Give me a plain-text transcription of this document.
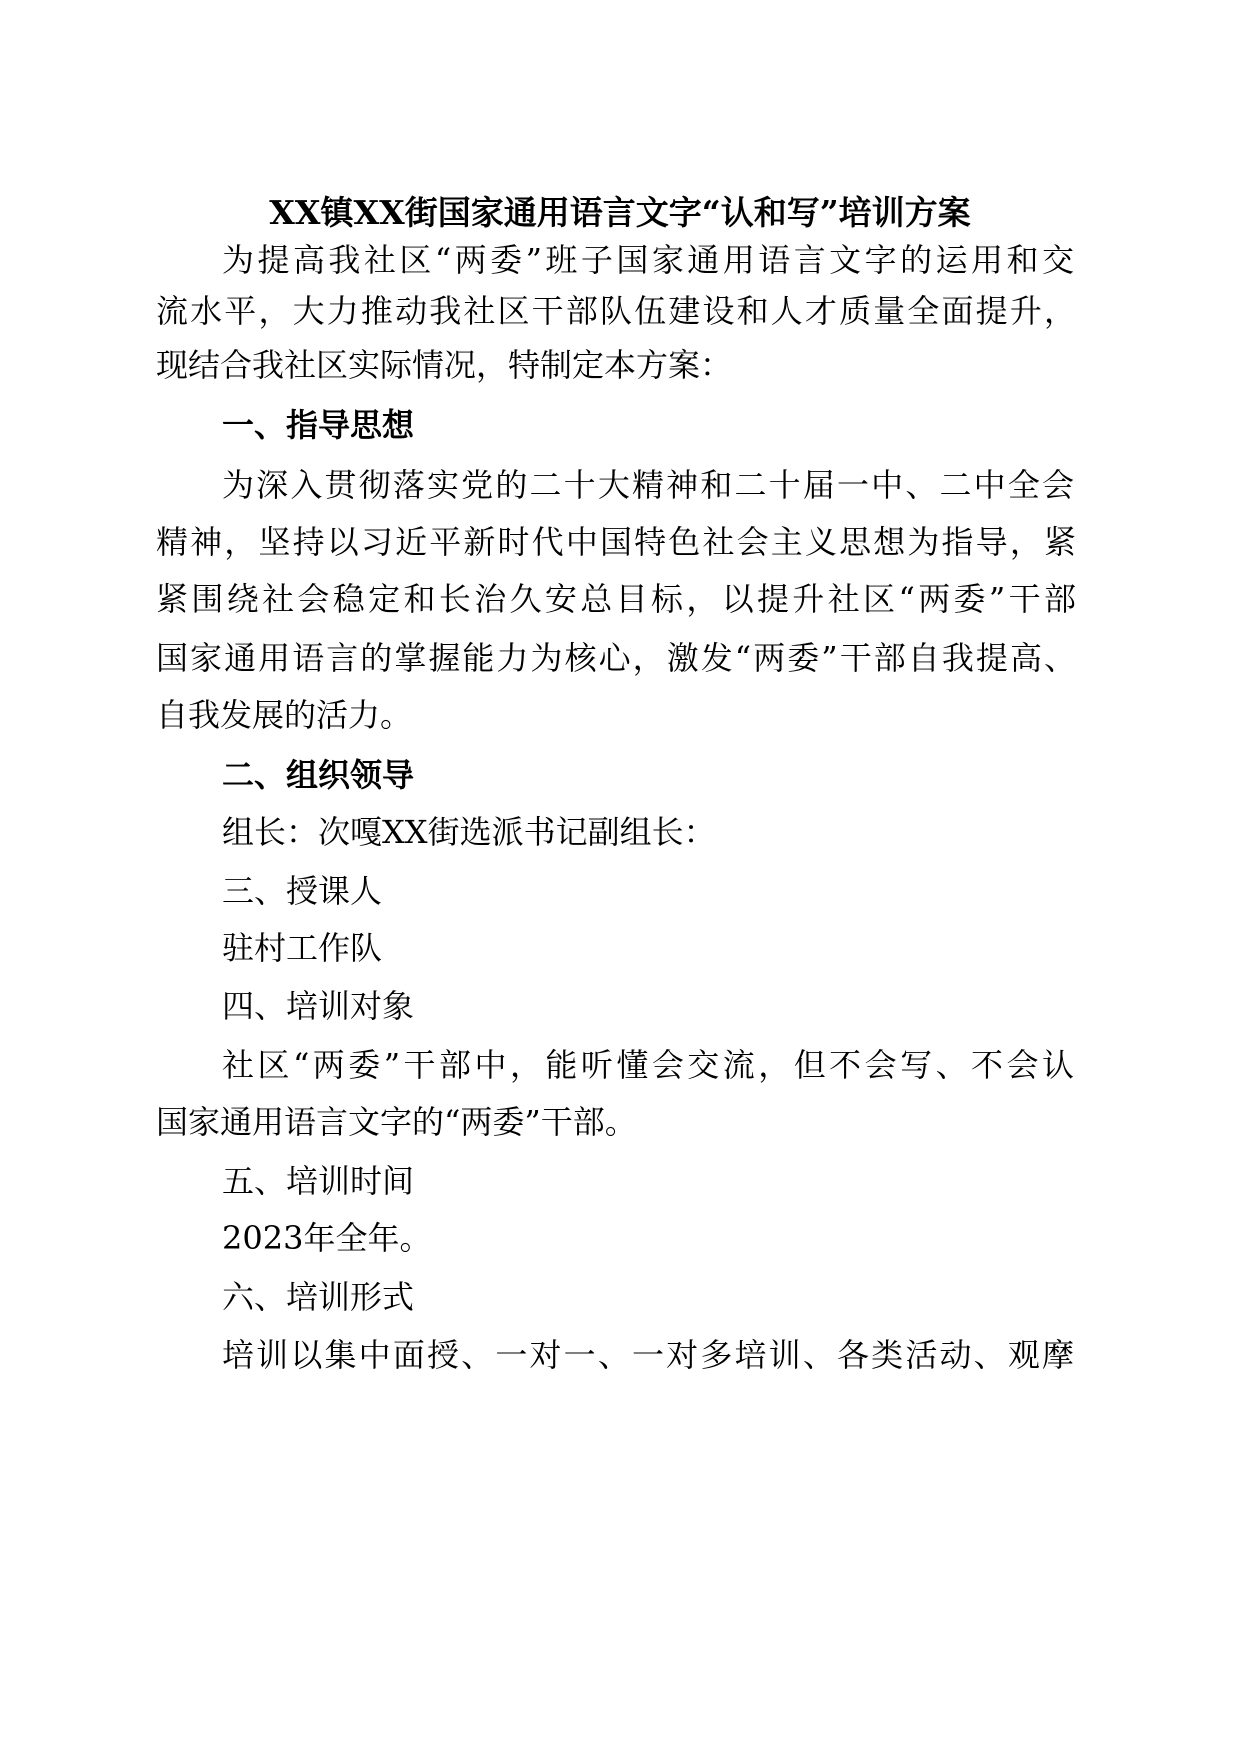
XX镇XX街国家通用语言文字“认和写”培训方案
为提高我社区“两委”班子国家通用语言文字的运用和交
流水平，大力推动我社区干部队伍建设和人才质量全面提升，
现结合我社区实际情况，特制定本方案：
一、指导思想
为深入贯彻落实党的二十大精神和二十届一中、二中全会
精神，坚持以习近平新时代中国特色社会主义思想为指导，紧
紧围绕社会稳定和长治久安总目标，以提升社区“两委”干部
国家通用语言的掌握能力为核心，激发“两委”干部自我提高、
自我发展的活力。
二、组织领导
组长：次嘎XX街选派书记副组长：
三、授课人
驻村工作队
四、培训对象
社区“两委”干部中，能听懂会交流，但不会写、不会认
国家通用语言文字的“两委”干部。
五、培训时间
2023年全年。
六、培训形式
培训以集中面授、一对一、一对多培训、各类活动、观摩
